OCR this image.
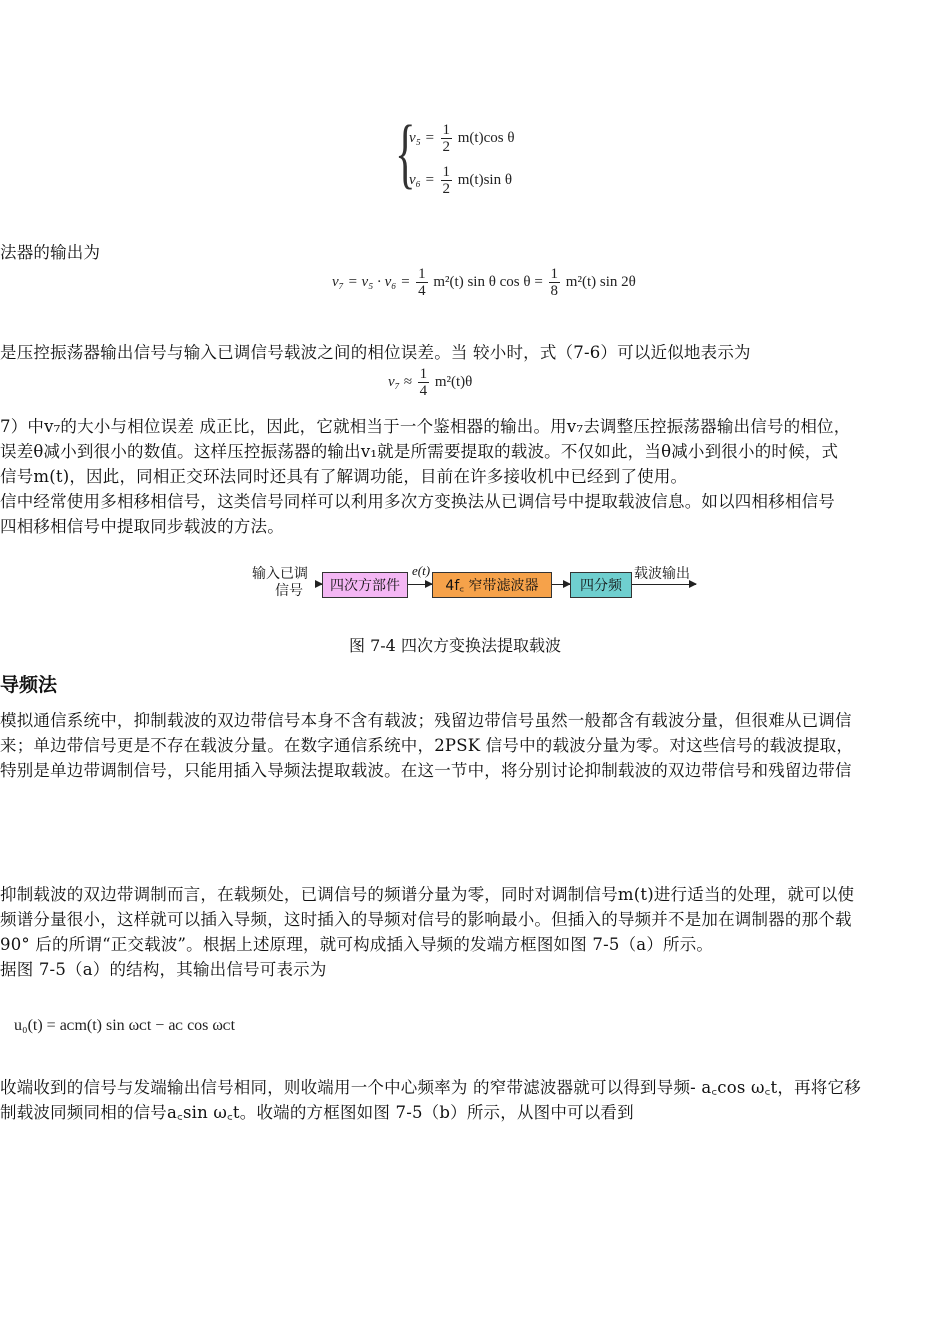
{
$v_5 = \frac{1}{2} m(t)\cos$ θ
$v_6 = \frac{1}{2} m(t)\sin$ θ
法器的输出为
$v_7 = v_5 \cdot v_6 = \frac{1}{4} m^2(t)$ sin θ $\cos \theta = \frac{1}{8} m^2(t)$ sin 2θ
是压控振荡器输出信号与输入已调信号载波之间的相位误差。当 较小时，式（7-6）可以近似地表示为
$v_7 \approx \frac{1}{4} m^2(t)\theta$
7）中v₇的大小与相位误差 成正比，因此，它就相当于一个鉴相器的输出。用v₇去调整压控振荡器输出信号的相位，
误差θ减小到很小的数值。这样压控振荡器的输出v₁就是所需要提取的载波。不仅如此，当θ减小到很小的时候，式
信号m(t)，因此，同相正交环法同时还具有了解调功能，目前在许多接收机中已经到了使用。
信中经常使用多相移相信号，这类信号同样可以利用多次方变换法从已调信号中提取载波信息。如以四相移相信号
四相移相信号中提取同步载波的方法。
输入已调
信号	四次方部件
e(t)
4f꜀ 窄带滤波器	四分频
载波输出
图 7-4 四次方变换法提取载波
导频法
模拟通信系统中，抑制载波的双边带信号本身不含有载波；残留边带信号虽然一般都含有载波分量，但很难从已调信
来；单边带信号更是不存在载波分量。在数字通信系统中，2PSK 信号中的载波分量为零。对这些信号的载波提取，
特别是单边带调制信号，只能用插入导频法提取载波。在这一节中，将分别讨论抑制载波的双边带信号和残留边带信
抑制载波的双边带调制而言，在载频处，已调信号的频谱分量为零，同时对调制信号m(t)进行适当的处理，就可以使
频谱分量很小，这样就可以插入导频，这时插入的导频对信号的影响最小。但插入的导频并不是加在调制器的那个载
90° 后的所谓“正交载波”。根据上述原理，就可构成插入导频的发端方框图如图 7-5（a）所示。
据图 7-5（a）的结构，其输出信号可表示为
u₀(t) = aᴄm(t) sin ωᴄt − aᴄ cos ωᴄt
收端收到的信号与发端输出信号相同，则收端用一个中心频率为 的窄带滤波器就可以得到导频- a꜀cos ω꜀t，再将它移
制载波同频同相的信号a꜀sin ω꜀t。收端的方框图如图 7-5（b）所示，从图中可以看到
